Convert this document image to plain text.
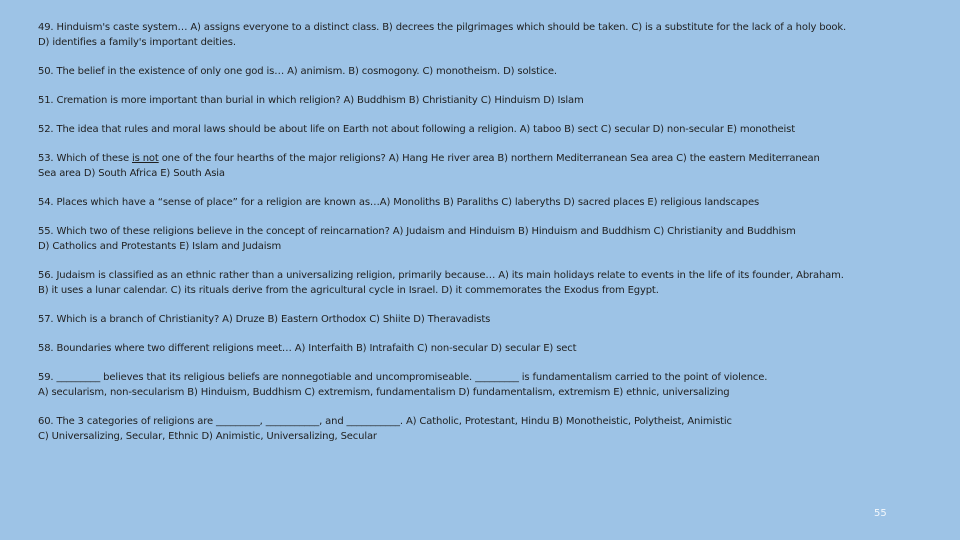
49. Hinduism's caste system… A) assigns everyone to a distinct class. B) decrees the pilgrimages which should be taken. C) is a substitute for the lack of a holy book.
D) identifies a family's important deities.
50. The belief in the existence of only one god is… A) animism. B) cosmogony. C) monotheism. D) solstice.
51. Cremation is more important than burial in which religion? A) Buddhism B) Christianity C) Hinduism D) Islam
52. The idea that rules and moral laws should be about life on Earth not about following a religion. A) taboo B) sect C) secular D) non-secular E) monotheist
53. Which of these is not one of the four hearths of the major religions? A) Hang He river area B) northern Mediterranean Sea area C) the eastern Mediterranean
Sea area D) South Africa E) South Asia
54. Places which have a “sense of place” for a religion are known as…A) Monoliths B) Paraliths C) laberyths D) sacred places E) religious landscapes
55. Which two of these religions believe in the concept of reincarnation? A) Judaism and Hinduism B) Hinduism and Buddhism C) Christianity and Buddhism
D) Catholics and Protestants E) Islam and Judaism
56. Judaism is classified as an ethnic rather than a universalizing religion, primarily because… A) its main holidays relate to events in the life of its founder, Abraham.
B) it uses a lunar calendar. C) its rituals derive from the agricultural cycle in Israel. D) it commemorates the Exodus from Egypt.
57. Which is a branch of Christianity? A) Druze B) Eastern Orthodox C) Shiite D) Theravadists
58. Boundaries where two different religions meet… A) Interfaith B) Intrafaith C) non-secular D) secular E) sect
59. _________ believes that its religious beliefs are nonnegotiable and uncompromiseable. _________ is fundamentalism carried to the point of violence.
A) secularism, non-secularism B) Hinduism, Buddhism C) extremism, fundamentalism D) fundamentalism, extremism E) ethnic, universalizing
60. The 3 categories of religions are _________, ___________, and ___________. A) Catholic, Protestant, Hindu B) Monotheistic, Polytheist, Animistic
C) Universalizing, Secular, Ethnic D) Animistic, Universalizing, Secular
55
